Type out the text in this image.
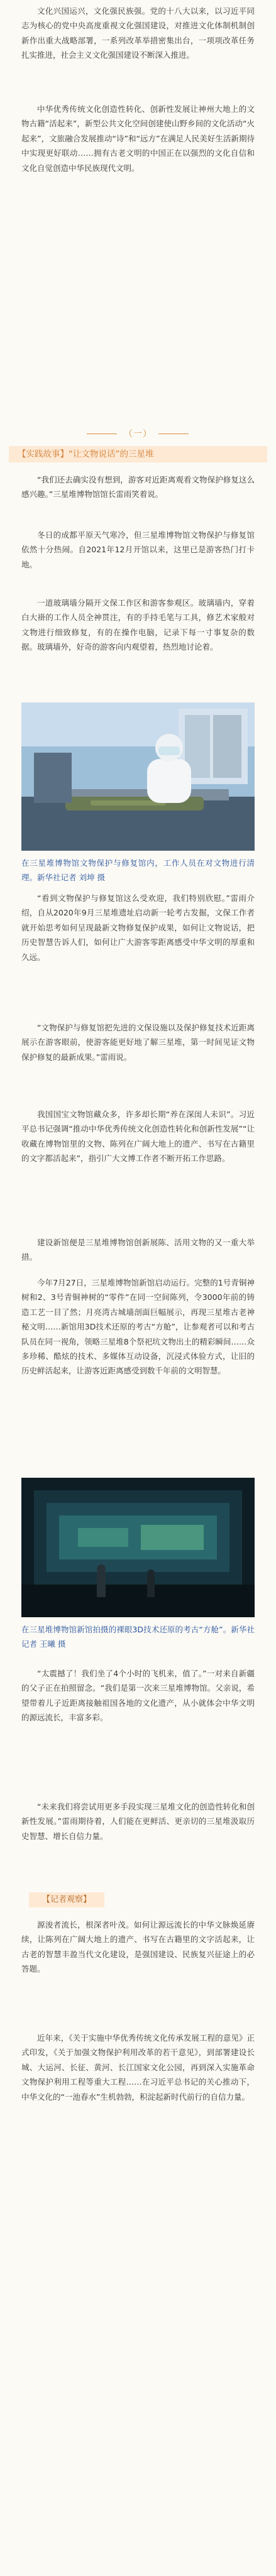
文化兴国运兴，文化强民族强。党的十八大以来，以习近平同志为核心的党中央高度重视文化强国建设，对推进文化体制机制创新作出重大战略部署，一系列改革举措密集出台，一项项改革任务扎实推进，社会主义文化强国建设不断深入推进。

中华优秀传统文化创造性转化、创新性发展让神州大地上的文物古籍“活起来”，新型公共文化空间创建使山野乡间的文化活动“火起来”，文旅融合发展推动“诗”和“远方”在满足人民美好生活新期待中实现更好联动……拥有古老文明的中国正在以强烈的文化自信和文化自觉创造中华民族现代文明。

（一）
【实践故事】“让文物说话”的三星堆

“我们还去确实没有想到，游客对近距离观看文物保护修复这么感兴趣。”三星堆博物馆馆长雷雨笑着说。

冬日的成都平原天气寒冷，但三星堆博物馆文物保护与修复馆依然十分热闹。自2021年12月开馆以来，这里已是游客热门打卡地。

一道玻璃墙分隔开文保工作区和游客参观区。玻璃墙内，穿着白大褂的工作人员全神贯注，有的手持毛笔与工具，修艺术家般对文物进行细致修复，有的在操作电脑，记录下每一寸事复杂的数据。玻璃墙外，好奇的游客向内观望着，热烈地讨论着。

在三星堆博物馆文物保护与修复馆内，工作人员在对文物进行清理。新华社记者 刘坤 摄

“看到文物保护与修复馆这么受欢迎，我们特别欣慰。”雷雨介绍，自从2020年9月三星堆遗址启动新一轮考古发掘，文保工作者就开始思考如何呈现最新文物修复保护成果，如何让文物说话，把历史智慧告诉人们，如何让广大游客零距离感受中华文明的厚重和久远。

“文物保护与修复馆把先进的文保设施以及保护修复技术近距离展示在游客眼前，使游客能更好地了解三星堆，第一时间见证文物保护修复的最新成果。”雷雨说。

我国国宝文物馆藏众多，许多却长期“养在深闺人未识”。习近平总书记强调“推动中华优秀传统文化创造性转化和创新性发展”“让收藏在博物馆里的文物、陈列在广阔大地上的遗产、书写在古籍里的文字都活起来”，指引广大文博工作者不断开拓工作思路。

建设新馆便是三星堆博物馆创新展陈、活用文物的又一重大举措。

今年7月27日，三星堆博物馆新馆启动运行。完整的1号青铜神树和2、3号青铜神树的“零件”在同一空间陈列，令3000年前的铸造工艺一目了然；月亮湾古城墙剖面巨幅展示，再现三星堆古老神秘文明……新馆用3D技术还原的考古“方舱”，让参观者可以和考古队员在同一视角，领略三星堆8个祭祀坑文物出土的精彩瞬间……众多珍稀、酷炫的技术、多媒体互动设备，沉浸式体验方式，让旧的历史鲜活起来，让游客近距离感受到数千年前的文明智慧。

在三星堆博物馆新馆拍摄的裸眼3D技术还原的考古“方舱”。新华社记者 王曦 摄

“太震撼了！我们坐了4个小时的飞机来，值了。”一对来自新疆的父子正在拍照留念。“我们是第一次来三星堆博物馆。父亲说，希望带着儿子近距离接触祖国各地的文化遗产，从小就体会中华文明的源远流长，丰富多彩。

“未来我们将尝试用更多手段实现三星堆文化的创造性转化和创新性发展。”雷雨期待着，人们能在更鲜活、更亲切的三星堆汲取历史智慧、增长自信力量。

【记者观察】

源浚者流长，根深者叶茂。如何让源远流长的中华文脉焕延赓续，让陈列在广阔大地上的遗产、书写在古籍里的文字活起来，让古老的智慧丰盈当代文化建设，是强国建设、民族复兴征途上的必答题。

近年来，《关于实施中华优秀传统文化传承发展工程的意见》正式印发，《关于加强文物保护利用改革的若干意见》，到部署建设长城、大运河、长征、黄河、长江国家文化公园，再到深入实施革命文物保护利用工程等重大工程……在习近平总书记的关心推动下，中华文化的“一池春水”生机勃勃，积淀起新时代前行的自信力量。
